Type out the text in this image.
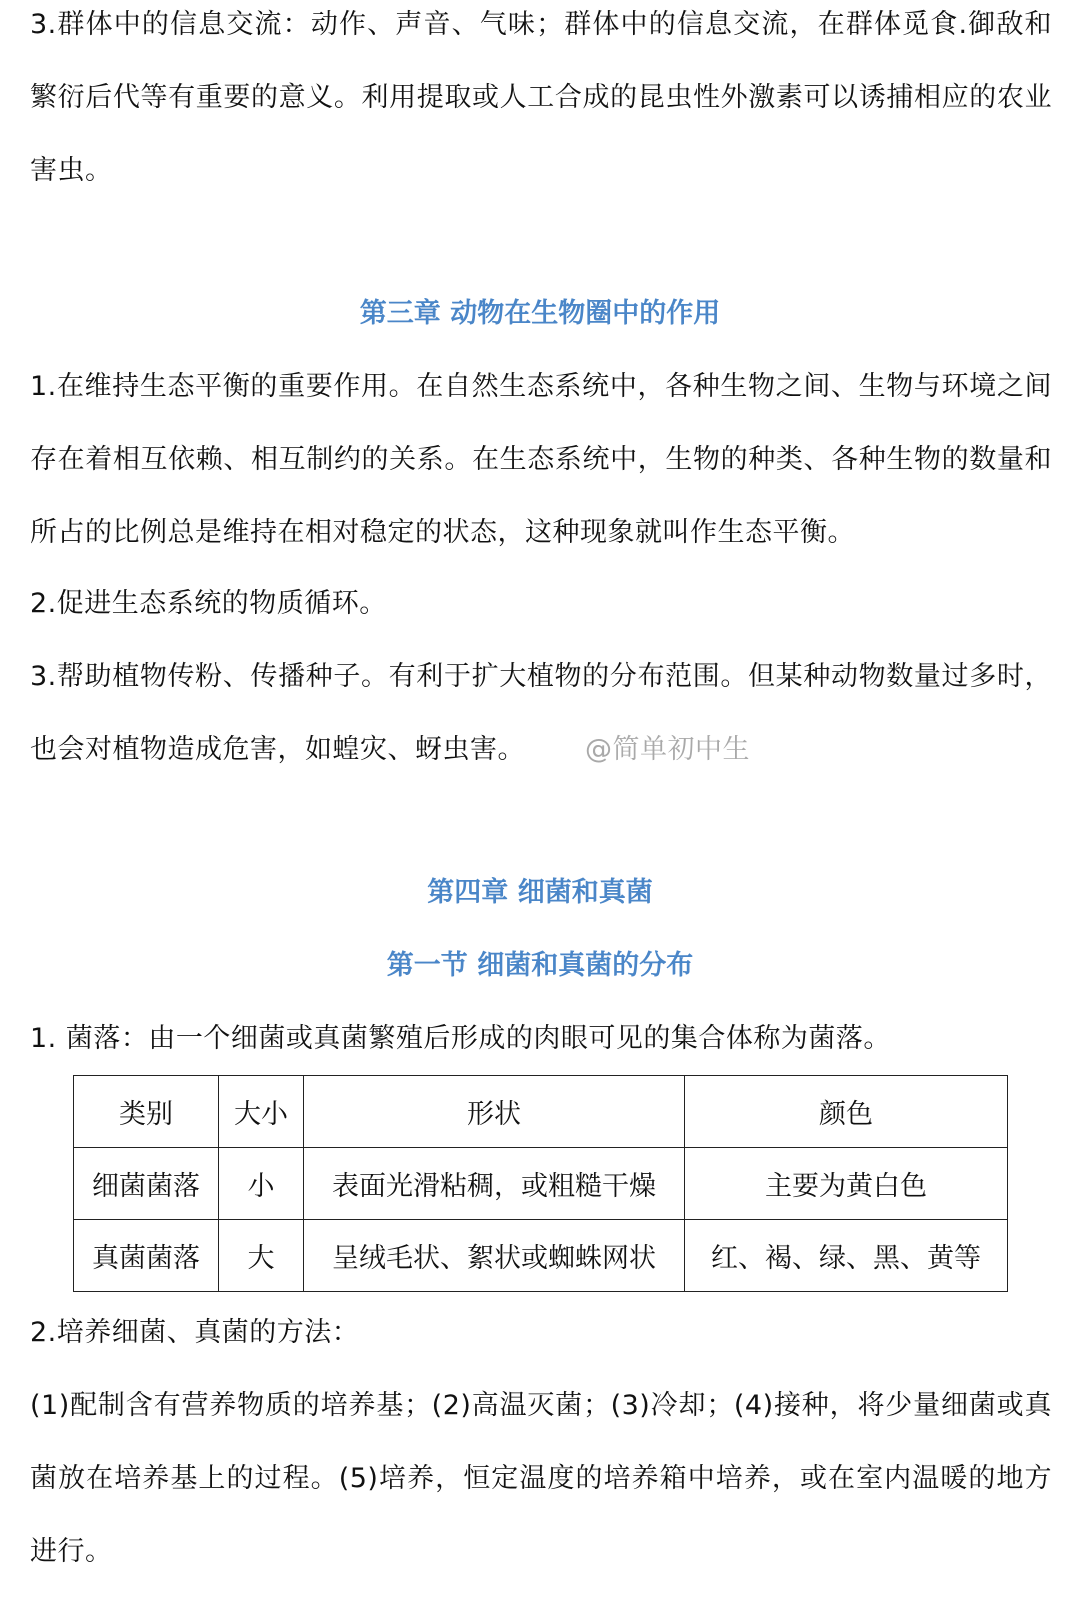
3.群体中的信息交流：动作、声音、气味；群体中的信息交流，在群体觅食.御敌和繁衍后代等有重要的意义。利用提取或人工合成的昆虫性外激素可以诱捕相应的农业害虫。

第三章 动物在生物圈中的作用

1.在维持生态平衡的重要作用。在自然生态系统中，各种生物之间、生物与环境之间存在着相互依赖、相互制约的关系。在生态系统中，生物的种类、各种生物的数量和所占的比例总是维持在相对稳定的状态，这种现象就叫作生态平衡。

2.促进生态系统的物质循环。

3.帮助植物传粉、传播种子。有利于扩大植物的分布范围。但某种动物数量过多时，也会对植物造成危害，如蝗灾、蚜虫害。 @简单初中生

第四章 细菌和真菌
第一节 细菌和真菌的分布

1. 菌落：由一个细菌或真菌繁殖后形成的肉眼可见的集合体称为菌落。

类别	大小	形状	颜色
细菌菌落	小	表面光滑粘稠，或粗糙干燥	主要为黄白色
真菌菌落	大	呈绒毛状、絮状或蜘蛛网状	红、褐、绿、黑、黄等

2.培养细菌、真菌的方法：

(1)配制含有营养物质的培养基；(2)高温灭菌；(3)冷却；(4)接种，将少量细菌或真菌放在培养基上的过程。(5)培养，恒定温度的培养箱中培养，或在室内温暖的地方进行。
